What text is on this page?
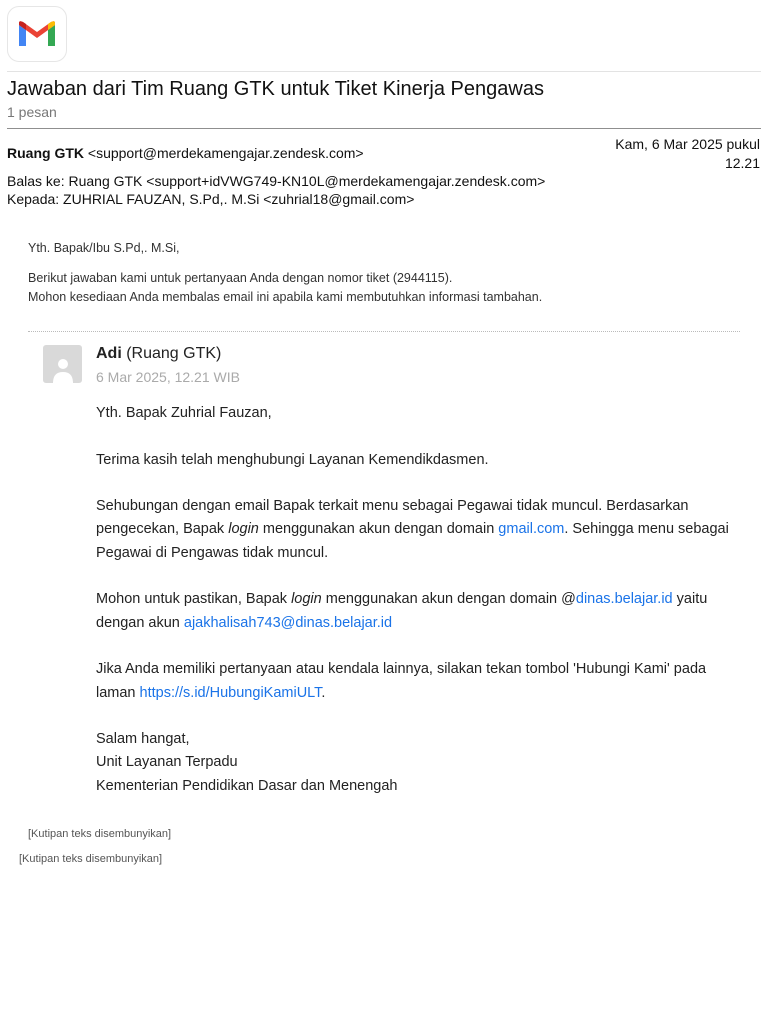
Jawaban dari Tim Ruang GTK untuk Tiket Kinerja Pengawas
1 pesan
Ruang GTK <support@merdekamengajar.zendesk.com>
Kam, 6 Mar 2025 pukul
12.21
Balas ke: Ruang GTK <support+idVWG749-KN10L@merdekamengajar.zendesk.com>
Kepada: ZUHRIAL FAUZAN, S.Pd,. M.Si <zuhrial18@gmail.com>
Yth. Bapak/Ibu S.Pd,. M.Si,
Berikut jawaban kami untuk pertanyaan Anda dengan nomor tiket (2944115).
Mohon kesediaan Anda membalas email ini apabila kami membutuhkan informasi tambahan.
Adi (Ruang GTK)
6 Mar 2025, 12.21 WIB

Yth. Bapak Zuhrial Fauzan,

Terima kasih telah menghubungi Layanan Kemendikdasmen.

Sehubungan dengan email Bapak terkait menu sebagai Pegawai tidak muncul. Berdasarkan pengecekan, Bapak login menggunakan akun dengan domain gmail.com. Sehingga menu sebagai Pegawai di Pengawas tidak muncul.

Mohon untuk pastikan, Bapak login menggunakan akun dengan domain @dinas.belajar.id yaitu dengan akun ajakhalisah743@dinas.belajar.id

Jika Anda memiliki pertanyaan atau kendala lainnya, silakan tekan tombol 'Hubungi Kami' pada laman https://s.id/HubungiKamiULT.

Salam hangat,
Unit Layanan Terpadu
Kementerian Pendidikan Dasar dan Menengah
[Kutipan teks disembunyikan]
[Kutipan teks disembunyikan]
